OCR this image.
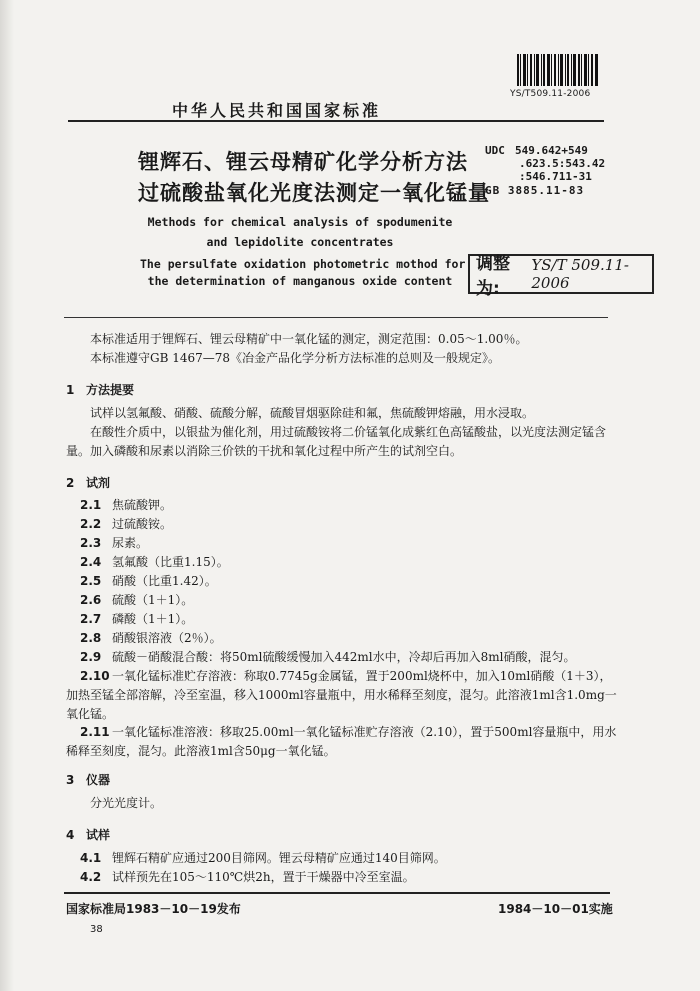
YS/T509.11-2006
中华人民共和国国家标准
锂辉石、锂云母精矿化学分析方法
过硫酸盐氧化光度法测定一氧化锰量
Methods for chemical analysis of spodumenite
and lepidolite concentrates
The persulfate oxidation photometric mothod for
the determination of manganous oxide content
UDC 549.642+549
.623.5:543.42
:546.711-31
GB 3885.11-83
调整为:
YS/T 509.11-2006
本标准适用于锂辉石、锂云母精矿中一氧化锰的测定，测定范围：0.05～1.00％。
本标准遵守GB 1467—78《冶金产品化学分析方法标准的总则及一般规定》。
1 方法提要
试样以氢氟酸、硝酸、硫酸分解，硫酸冒烟驱除硅和氟，焦硫酸钾熔融，用水浸取。
在酸性介质中，以银盐为催化剂，用过硫酸铵将二价锰氧化成紫红色高锰酸盐，以光度法测定锰含量。加入磷酸和尿素以消除三价铁的干扰和氧化过程中所产生的试剂空白。
2 试剂
2.1 焦硫酸钾。
2.2 过硫酸铵。
2.3 尿素。
2.4 氢氟酸（比重1.15）。
2.5 硝酸（比重1.42）。
2.6 硫酸（1＋1）。
2.7 磷酸（1＋1）。
2.8 硝酸银溶液（2％）。
2.9 硫酸－硝酸混合酸：将50ml硫酸缓慢加入442ml水中，冷却后再加入8ml硝酸，混匀。
2.10 一氧化锰标准贮存溶液：称取0.7745g金属锰，置于200ml烧杯中，加入10ml硝酸（1＋3），加热至锰全部溶解，冷至室温，移入1000ml容量瓶中，用水稀释至刻度，混匀。此溶液1ml含1.0mg一氧化锰。
2.11 一氧化锰标准溶液：移取25.00ml一氧化锰标准贮存溶液（2.10），置于500ml容量瓶中，用水稀释至刻度，混匀。此溶液1ml含50μg一氧化锰。
3 仪器
分光光度计。
4 试样
4.1 锂辉石精矿应通过200目筛网。锂云母精矿应通过140目筛网。
4.2 试样预先在105～110℃烘2h，置于干燥器中冷至室温。
国家标准局1983－10－19发布	1984－10－01实施
38
